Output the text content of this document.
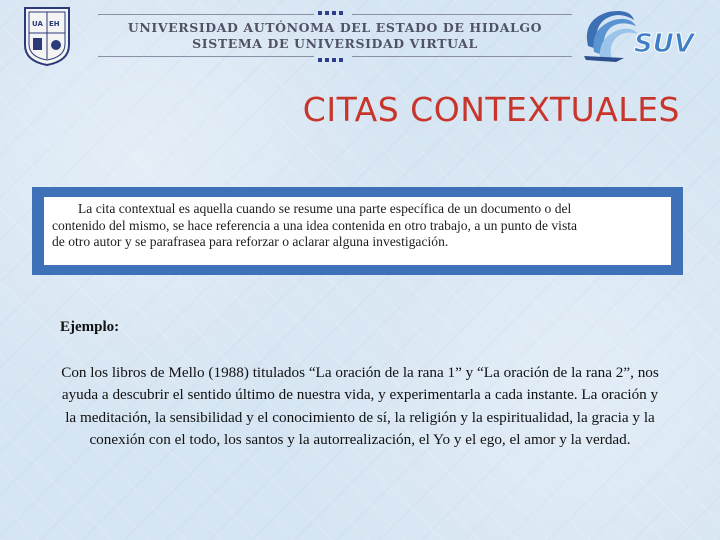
UA EH	UNIVERSIDAD AUTÓNOMA DEL ESTADO DE HIDALGO
SISTEMA DE UNIVERSIDAD VIRTUAL	SUV
CITAS CONTEXTUALES
La cita contextual es aquella cuando se resume una parte específica de un documento o del
contenido del mismo, se hace referencia a una idea contenida en otro trabajo, a un punto de vista
de otro autor y se parafrasea para reforzar o aclarar alguna investigación.
Ejemplo:
Con los libros de Mello (1988) titulados “La oración de la rana 1” y “La oración de la rana 2”, nos ayuda a descubrir el sentido último de nuestra vida, y experimentarla a cada instante. La oración y la meditación, la sensibilidad y el conocimiento de sí, la religión y la espiritualidad, la gracia y la conexión con el todo, los santos y la autorrealización, el Yo y el ego, el amor y la verdad.
